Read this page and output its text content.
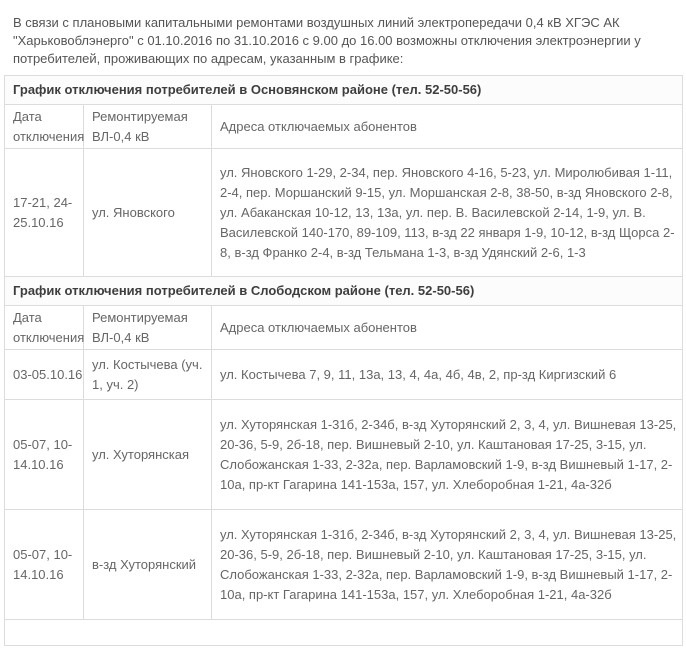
В связи с плановыми капитальными ремонтами воздушных линий электропередачи 0,4 кВ ХГЭС АК "Харьковоблэнерго" с 01.10.2016 по 31.10.2016 с 9.00 до 16.00 возможны отключения электроэнергии у потребителей, проживающих по адресам, указанным в графике:
График отключения потребителей в Основянском районе (тел. 52-50-56)		
Дата отключения	Ремонтируемая ВЛ-0,4 кВ	Адреса отключаемых абонентов
17-21, 24-25.10.16	ул. Яновского	ул. Яновского 1-29, 2-34, пер. Яновского 4-16, 5-23, ул. Миролюбивая 1-11, 2-4, пер. Моршанский 9-15, ул. Моршанская 2-8, 38-50, в-зд Яновского 2-8, ул. Абаканская 10-12, 13, 13а, ул. пер. В. Василевской 2-14, 1-9, ул. В. Василевской 140-170, 89-109, 113, в-зд 22 января 1-9, 10-12, в-зд Щорса 2-8, в-зд Франко 2-4, в-зд Тельмана 1-3, в-зд Удянский 2-6, 1-3
График отключения потребителей в Слободском районе (тел. 52-50-56)		
Дата отключения	Ремонтируемая ВЛ-0,4 кВ	Адреса отключаемых абонентов
03-05.10.16	ул. Костычева (уч. 1, уч. 2)	ул. Костычева 7, 9, 11, 13а, 13, 4, 4а, 4б, 4в, 2, пр-зд Киргизский 6
05-07, 10-14.10.16	ул. Хуторянская	ул. Хуторянская 1-31б, 2-34б, в-зд Хуторянский 2, 3, 4, ул. Вишневая 13-25, 20-36, 5-9, 2б-18, пер. Вишневый 2-10, ул. Каштановая 17-25, 3-15, ул. Слобожанская 1-33, 2-32а, пер. Варламовский 1-9, в-зд Вишневый 1-17, 2-10а, пр-кт Гагарина 141-153а, 157, ул. Хлеборобная 1-21, 4а-32б
05-07, 10-14.10.16	в-зд Хуторянский	ул. Хуторянская 1-31б, 2-34б, в-зд Хуторянский 2, 3, 4, ул. Вишневая 13-25, 20-36, 5-9, 2б-18, пер. Вишневый 2-10, ул. Каштановая 17-25, 3-15, ул. Слобожанская 1-33, 2-32а, пер. Варламовский 1-9, в-зд Вишневый 1-17, 2-10а, пр-кт Гагарина 141-153а, 157, ул. Хлеборобная 1-21, 4а-32б
